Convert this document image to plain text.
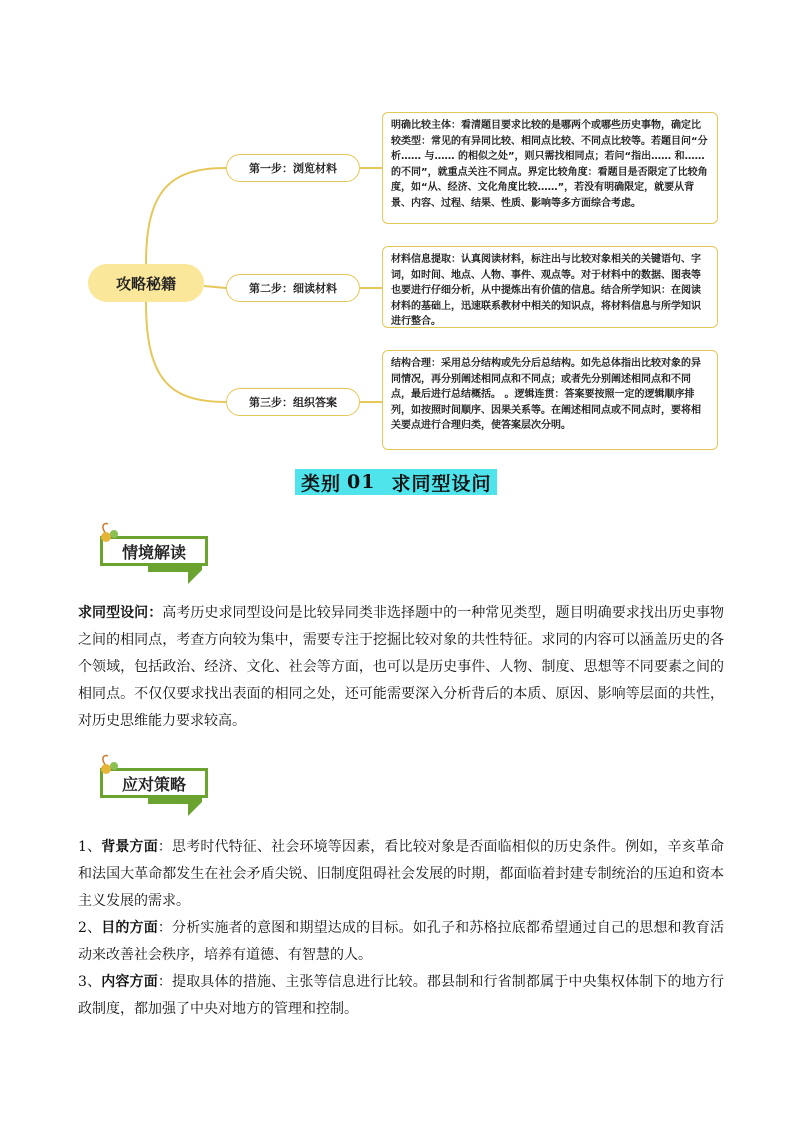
攻略秘籍
第一步：浏览材料
第二步：细读材料
第三步：组织答案
明确比较主体：看清题目要求比较的是哪两个或哪些历史事物，确定比较类型：常见的有异同比较、相同点比较、不同点比较等。若题目问“分析…… 与…… 的相似之处”，则只需找相同点；若问“指出…… 和…… 的不同”，就重点关注不同点。界定比较角度：看题目是否限定了比较角度，如“从、经济、文化角度比较……”，若没有明确限定，就要从背景、内容、过程、结果、性质、影响等多方面综合考虑。
材料信息提取：认真阅读材料，标注出与比较对象相关的关键语句、字词，如时间、地点、人物、事件、观点等。对于材料中的数据、图表等也要进行仔细分析，从中提炼出有价值的信息。结合所学知识：在阅读材料的基础上，迅速联系教材中相关的知识点，将材料信息与所学知识进行整合。
结构合理：采用总分结构或先分后总结构。如先总体指出比较对象的异同情况，再分别阐述相同点和不同点；或者先分别阐述相同点和不同点，最后进行总结概括。 。逻辑连贯：答案要按照一定的逻辑顺序排列，如按照时间顺序、因果关系等。在阐述相同点或不同点时，要将相关要点进行合理归类，使答案层次分明。
类别 01 求同型设问
情境解读
求同型设问：高考历史求同型设问是比较异同类非选择题中的一种常见类型，题目明确要求找出历史事物之间的相同点，考查方向较为集中，需要专注于挖掘比较对象的共性特征。求同的内容可以涵盖历史的各个领域，包括政治、经济、文化、社会等方面，也可以是历史事件、人物、制度、思想等不同要素之间的相同点。不仅仅要求找出表面的相同之处，还可能需要深入分析背后的本质、原因、影响等层面的共性，对历史思维能力要求较高。
应对策略
1、背景方面：思考时代特征、社会环境等因素，看比较对象是否面临相似的历史条件。例如，辛亥革命和法国大革命都发生在社会矛盾尖锐、旧制度阻碍社会发展的时期，都面临着封建专制统治的压迫和资本主义发展的需求。
2、目的方面：分析实施者的意图和期望达成的目标。如孔子和苏格拉底都希望通过自己的思想和教育活动来改善社会秩序，培养有道德、有智慧的人。
3、内容方面：提取具体的措施、主张等信息进行比较。郡县制和行省制都属于中央集权体制下的地方行政制度，都加强了中央对地方的管理和控制。
